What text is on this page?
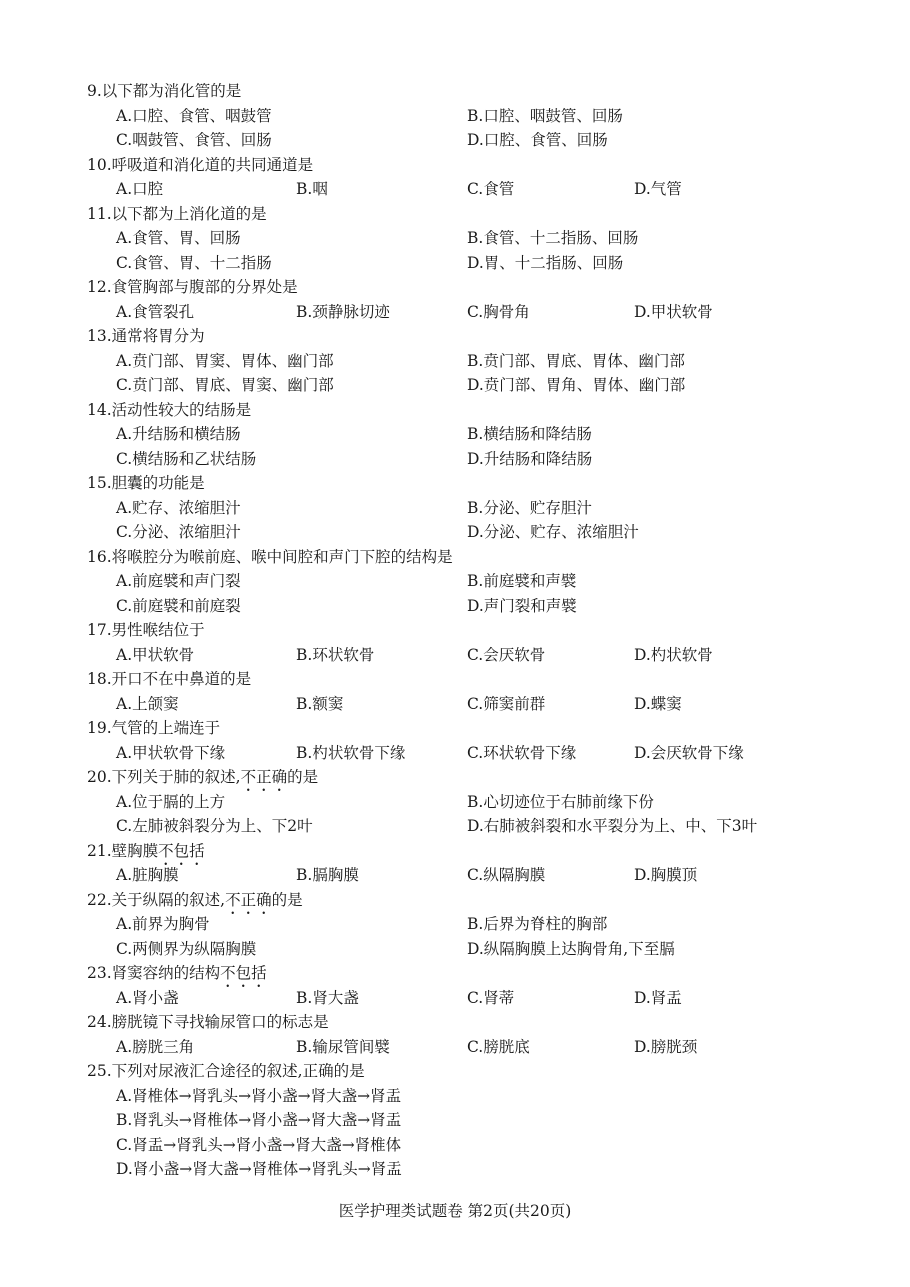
9.以下都为消化管的是
A.口腔、食管、咽鼓管	B.口腔、咽鼓管、回肠
C.咽鼓管、食管、回肠	D.口腔、食管、回肠
10.呼吸道和消化道的共同通道是
A.口腔	B.咽	C.食管	D.气管
11.以下都为上消化道的是
A.食管、胃、回肠	B.食管、十二指肠、回肠
C.食管、胃、十二指肠	D.胃、十二指肠、回肠
12.食管胸部与腹部的分界处是
A.食管裂孔	B.颈静脉切迹	C.胸骨角	D.甲状软骨
13.通常将胃分为
A.贲门部、胃窦、胃体、幽门部	B.贲门部、胃底、胃体、幽门部
C.贲门部、胃底、胃窦、幽门部	D.贲门部、胃角、胃体、幽门部
14.活动性较大的结肠是
A.升结肠和横结肠	B.横结肠和降结肠
C.横结肠和乙状结肠	D.升结肠和降结肠
15.胆囊的功能是
A.贮存、浓缩胆汁	B.分泌、贮存胆汁
C.分泌、浓缩胆汁	D.分泌、贮存、浓缩胆汁
16.将喉腔分为喉前庭、喉中间腔和声门下腔的结构是
A.前庭襞和声门裂	B.前庭襞和声襞
C.前庭襞和前庭裂	D.声门裂和声襞
17.男性喉结位于
A.甲状软骨	B.环状软骨	C.会厌软骨	D.杓状软骨
18.开口不在中鼻道的是
A.上颌窦	B.额窦	C.筛窦前群	D.蝶窦
19.气管的上端连于
A.甲状软骨下缘	B.杓状软骨下缘	C.环状软骨下缘	D.会厌软骨下缘
20.下列关于肺的叙述,不正确的是
A.位于膈的上方	B.心切迹位于右肺前缘下份
C.左肺被斜裂分为上、下2叶	D.右肺被斜裂和水平裂分为上、中、下3叶
21.壁胸膜不包括
A.脏胸膜	B.膈胸膜	C.纵隔胸膜	D.胸膜顶
22.关于纵隔的叙述,不正确的是
A.前界为胸骨	B.后界为脊柱的胸部
C.两侧界为纵隔胸膜	D.纵隔胸膜上达胸骨角,下至膈
23.肾窦容纳的结构不包括
A.肾小盏	B.肾大盏	C.肾蒂	D.肾盂
24.膀胱镜下寻找输尿管口的标志是
A.膀胱三角	B.输尿管间襞	C.膀胱底	D.膀胱颈
25.下列对尿液汇合途径的叙述,正确的是
A.肾椎体→肾乳头→肾小盏→肾大盏→肾盂
B.肾乳头→肾椎体→肾小盏→肾大盏→肾盂
C.肾盂→肾乳头→肾小盏→肾大盏→肾椎体
D.肾小盏→肾大盏→肾椎体→肾乳头→肾盂
医学护理类试题卷 第2页(共20页)
